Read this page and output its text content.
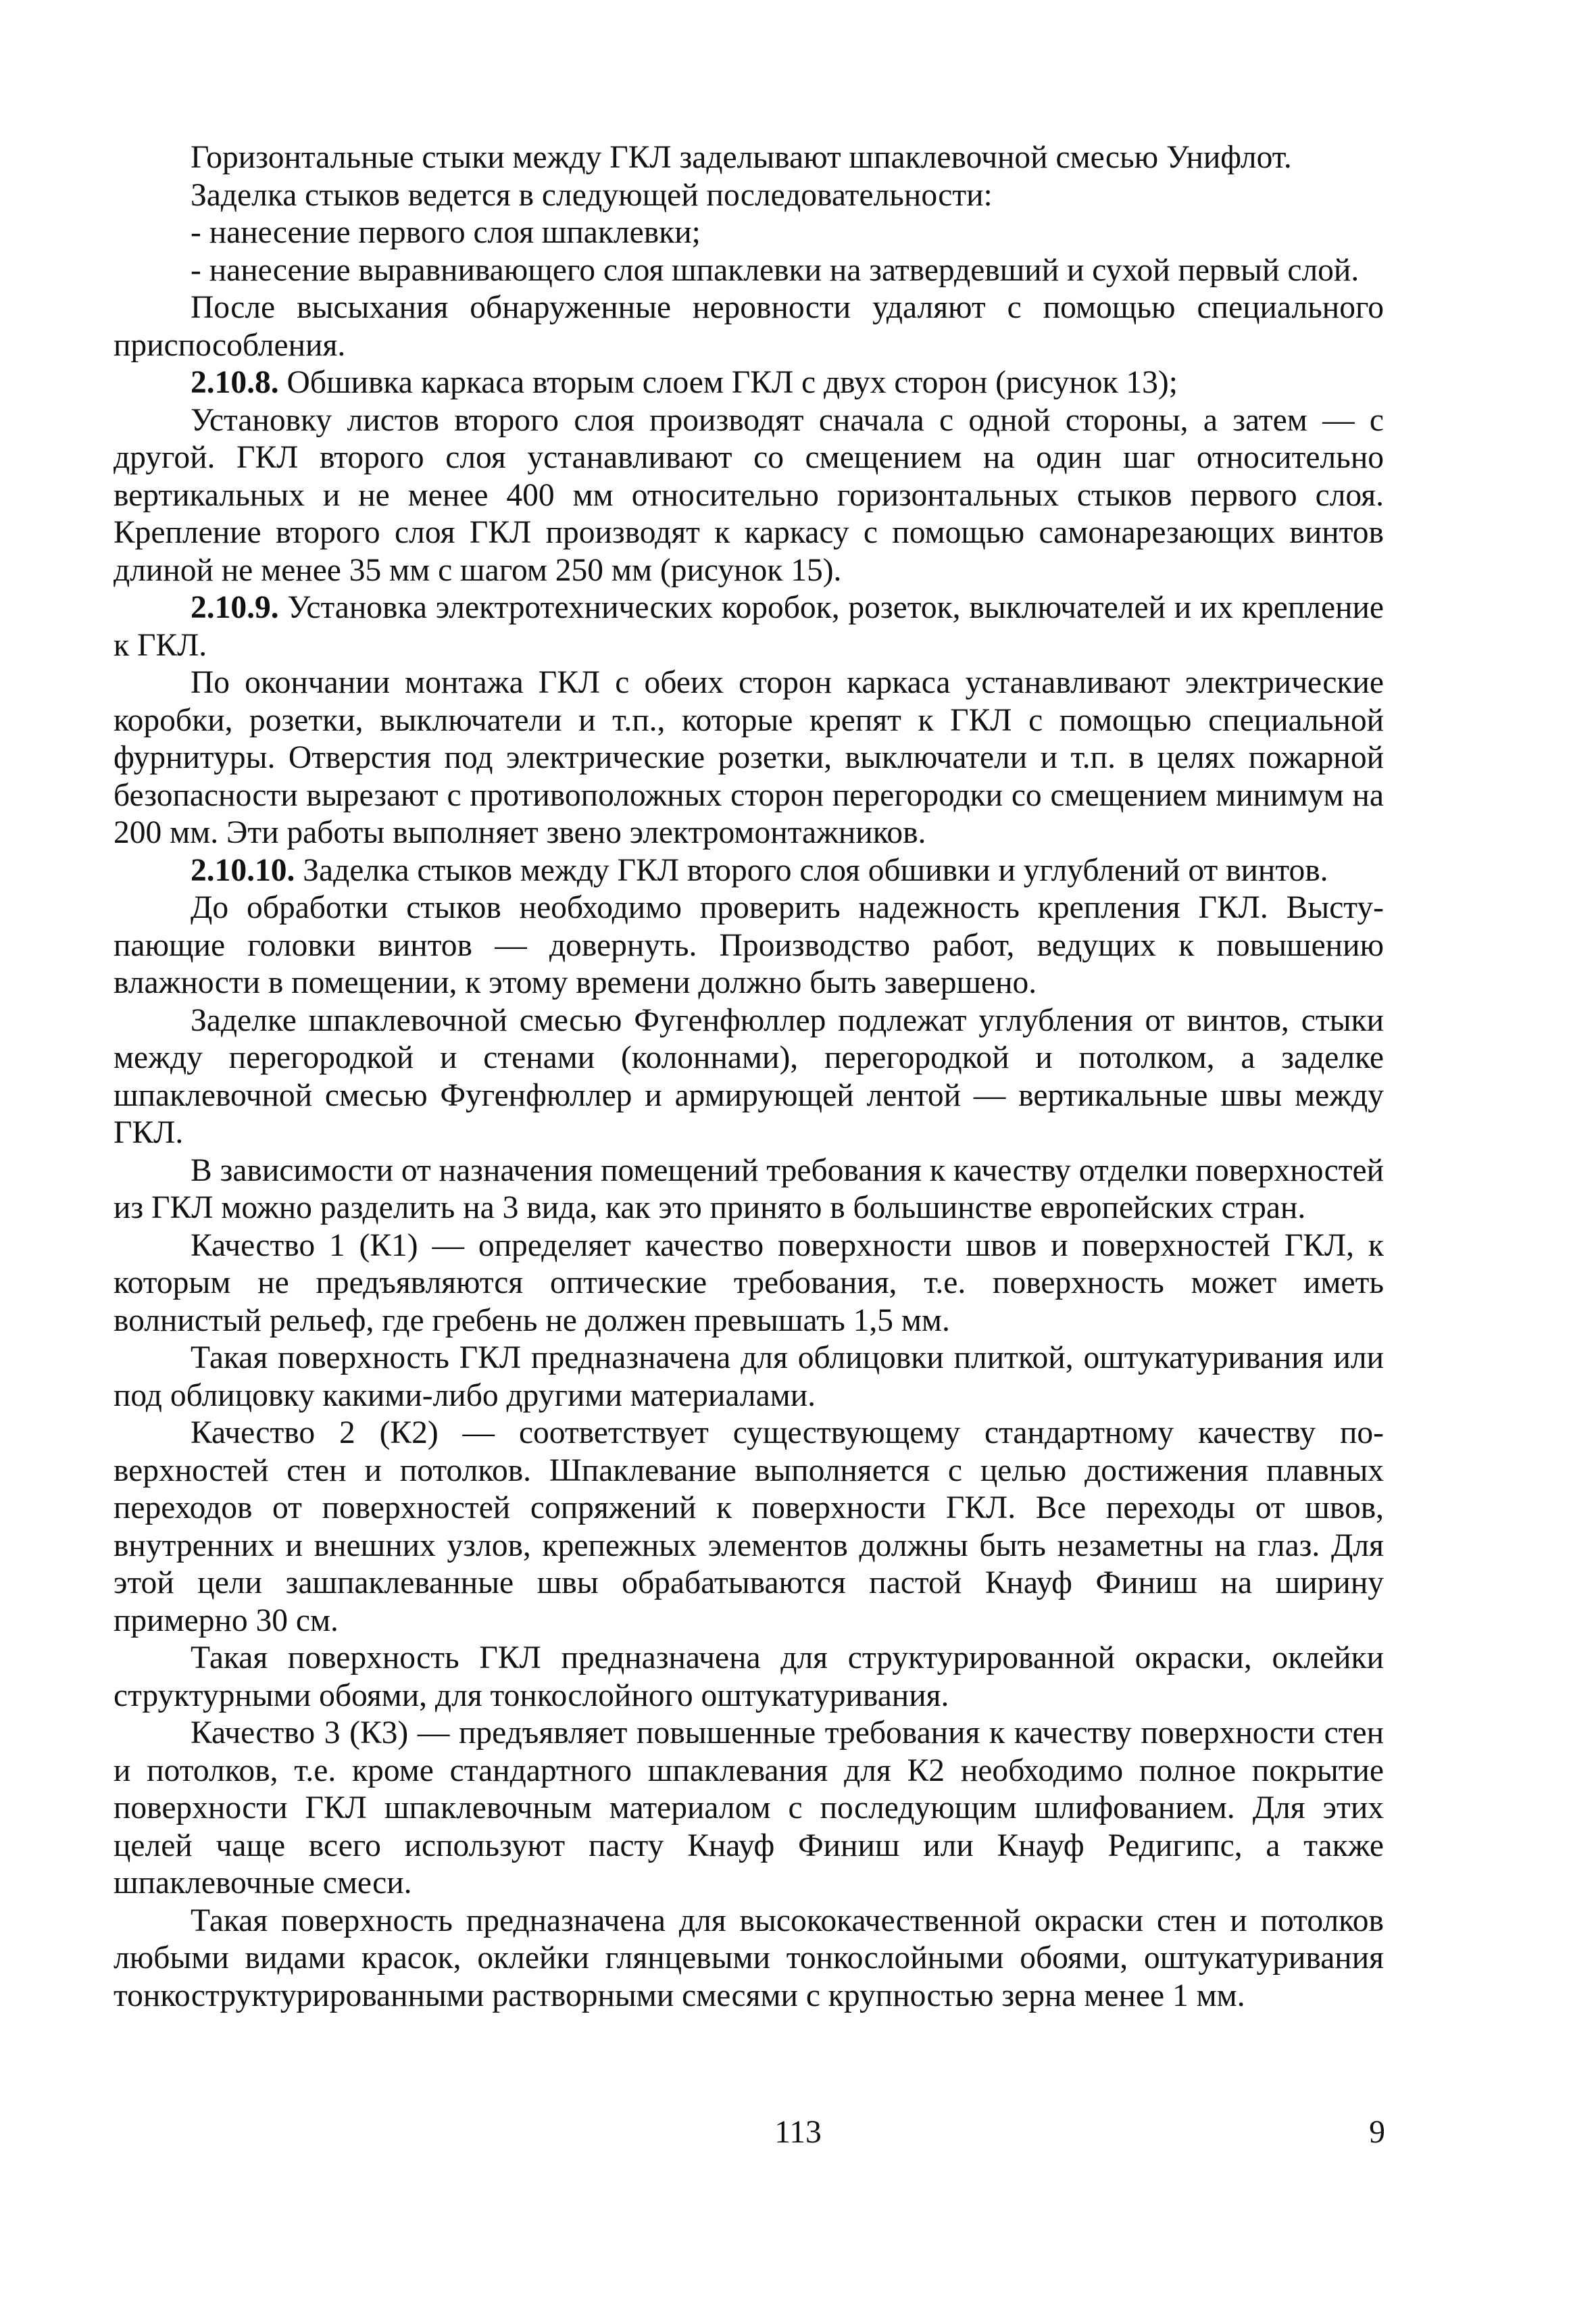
Горизонтальные стыки между ГКЛ заделывают шпаклевочной смесью Унифлот.

Заделка стыков ведется в следующей последовательности:

- нанесение первого слоя шпаклевки;

- нанесение выравнивающего слоя шпаклевки на затвердевший и сухой первый слой.

После высыхания обнаруженные неровности удаляют с помощью специального приспособления.

2.10.8. Обшивка каркаса вторым слоем ГКЛ с двух сторон (рисунок 13);

Установку листов второго слоя производят сначала с одной стороны, а затем — с другой. ГКЛ второго слоя устанавливают со смещением на один шаг относительно вертикальных и не менее 400 мм относительно горизонтальных стыков первого слоя. Крепление второго слоя ГКЛ производят к каркасу с помощью самонарезающих винтов длиной не менее 35 мм с шагом 250 мм (рисунок 15).

2.10.9. Установка электротехнических коробок, розеток, выключателей и их крепление к ГКЛ.

По окончании монтажа ГКЛ с обеих сторон каркаса устанавливают электрические коробки, розетки, выключатели и т.п., которые крепят к ГКЛ с помощью специальной фурнитуры. Отверстия под электрические розетки, выключатели и т.п. в целях пожарной безопасности вырезают с противоположных сторон перегородки со смещением минимум на 200 мм. Эти работы выполняет звено электромонтажников.

2.10.10. Заделка стыков между ГКЛ второго слоя обшивки и углублений от винтов.

До обработки стыков необходимо проверить надежность крепления ГКЛ. Выступающие головки винтов — довернуть. Производство работ, ведущих к повышению влажности в помещении, к этому времени должно быть завершено.

Заделке шпаклевочной смесью Фугенфюллер подлежат углубления от винтов, стыки между перегородкой и стенами (колоннами), перегородкой и потолком, а заделке шпаклевочной смесью Фугенфюллер и армирующей лентой — вертикальные швы между ГКЛ.

В зависимости от назначения помещений требования к качеству отделки поверхностей из ГКЛ можно разделить на 3 вида, как это принято в большинстве европейских стран.

Качество 1 (К1) — определяет качество поверхности швов и поверхностей ГКЛ, к которым не предъявляются оптические требования, т.е. поверхность может иметь волнистый рельеф, где гребень не должен превышать 1,5 мм.

Такая поверхность ГКЛ предназначена для облицовки плиткой, оштукатуривания или под облицовку какими-либо другими материалами.

Качество 2 (К2) — соответствует существующему стандартному качеству поверхностей стен и потолков. Шпаклевание выполняется с целью достижения плавных переходов от поверхностей сопряжений к поверхности ГКЛ. Все переходы от швов, внутренних и внешних узлов, крепежных элементов должны быть незаметны на глаз. Для этой цели зашпаклеванные швы обрабатываются пастой Кнауф Финиш на ширину примерно 30 см.

Такая поверхность ГКЛ предназначена для структурированной окраски, оклейки структурными обоями, для тонкослойного оштукатуривания.

Качество 3 (К3) — предъявляет повышенные требования к качеству поверхности стен и потолков, т.е. кроме стандартного шпаклевания для К2 необходимо полное покрытие поверхности ГКЛ шпаклевочным материалом с последующим шлифованием. Для этих целей чаще всего используют пасту Кнауф Финиш или Кнауф Редигипс, а также шпаклевочные смеси.

Такая поверхность предназначена для высококачественной окраски стен и потолков любыми видами красок, оклейки глянцевыми тонкослойными обоями, оштукатуривания тонкоструктурированными растворными смесями с крупностью зерна менее 1 мм.

113	9
